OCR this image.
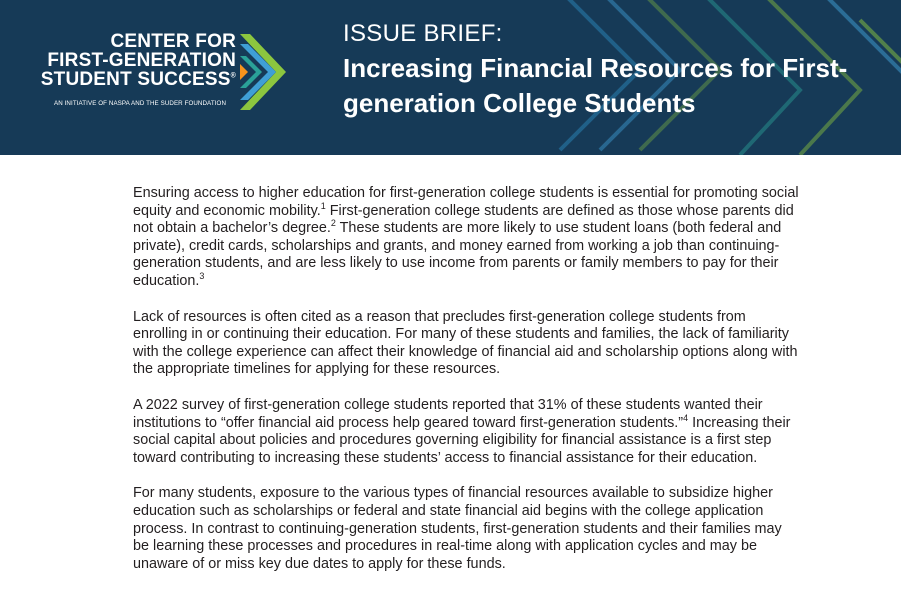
CENTER FOR
FIRST-GENERATION
STUDENT SUCCESS®
AN INITIATIVE OF NASPA AND THE SUDER FOUNDATION
ISSUE BRIEF:
Increasing Financial Resources for First-generation College Students

Ensuring access to higher education for first-generation college students is essential for promoting social equity and economic mobility.$^1$ First-generation college students are defined as those whose parents did not obtain a bachelor’s degree.$^2$ These students are more likely to use student loans (both federal and private), credit cards, scholarships and grants, and money earned from working a job than continuing-generation students, and are less likely to use income from parents or family members to pay for their education.$^3$

Lack of resources is often cited as a reason that precludes first-generation college students from enrolling in or continuing their education. For many of these students and families, the lack of familiarity with the college experience can affect their knowledge of financial aid and scholarship options along with the appropriate timelines for applying for these resources.

A 2022 survey of first-generation college students reported that 31% of these students wanted their institutions to “offer financial aid process help geared toward first-generation students.”$^4$ Increasing their social capital about policies and procedures governing eligibility for financial assistance is a first step toward contributing to increasing these students’ access to financial assistance for their education.

For many students, exposure to the various types of financial resources available to subsidize higher education such as scholarships or federal and state financial aid begins with the college application process. In contrast to continuing-generation students, first-generation students and their families may be learning these processes and procedures in real-time along with application cycles and may be unaware of or miss key due dates to apply for these funds.
